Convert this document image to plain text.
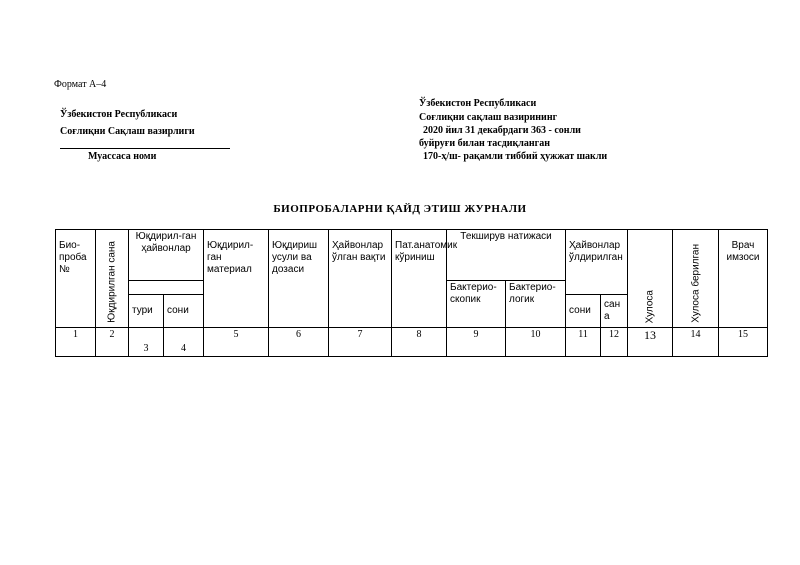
Формат А–4
Ўзбекистон Республикаси
Соғлиқни Сақлаш вазирлиги
Муассаса номи
Ўзбекистон Республикаси
Соғлиқни сақлаш вазирининг
2020 йил 31 декабрдаги 363 - сонли
буйруғи билан тасдиқланган
170-ҳ/ш- рақамли тиббий ҳужжат шакли
БИОПРОБАЛАРНИ ҚАЙД ЭТИШ ЖУРНАЛИ
Био-проба №	Юқдирилган сана	Юқдирил-ган ҳайвонлар		Юқдирил-ган материал	Юқдириш усули ва дозаси	Ҳайвонлар ўлган вақти	Пат.анатомик кўриниш	Текширув натижаси		Ҳайвонлар ўлдирилган		Хулоса	Хулоса берилган	Врач имзоси
								Бактерио-скопик	Бактерио-логик					
		тури	сони							сони	сана			
1	2	3	4	5	6	7	8	9	10	11	12	13	14	15
